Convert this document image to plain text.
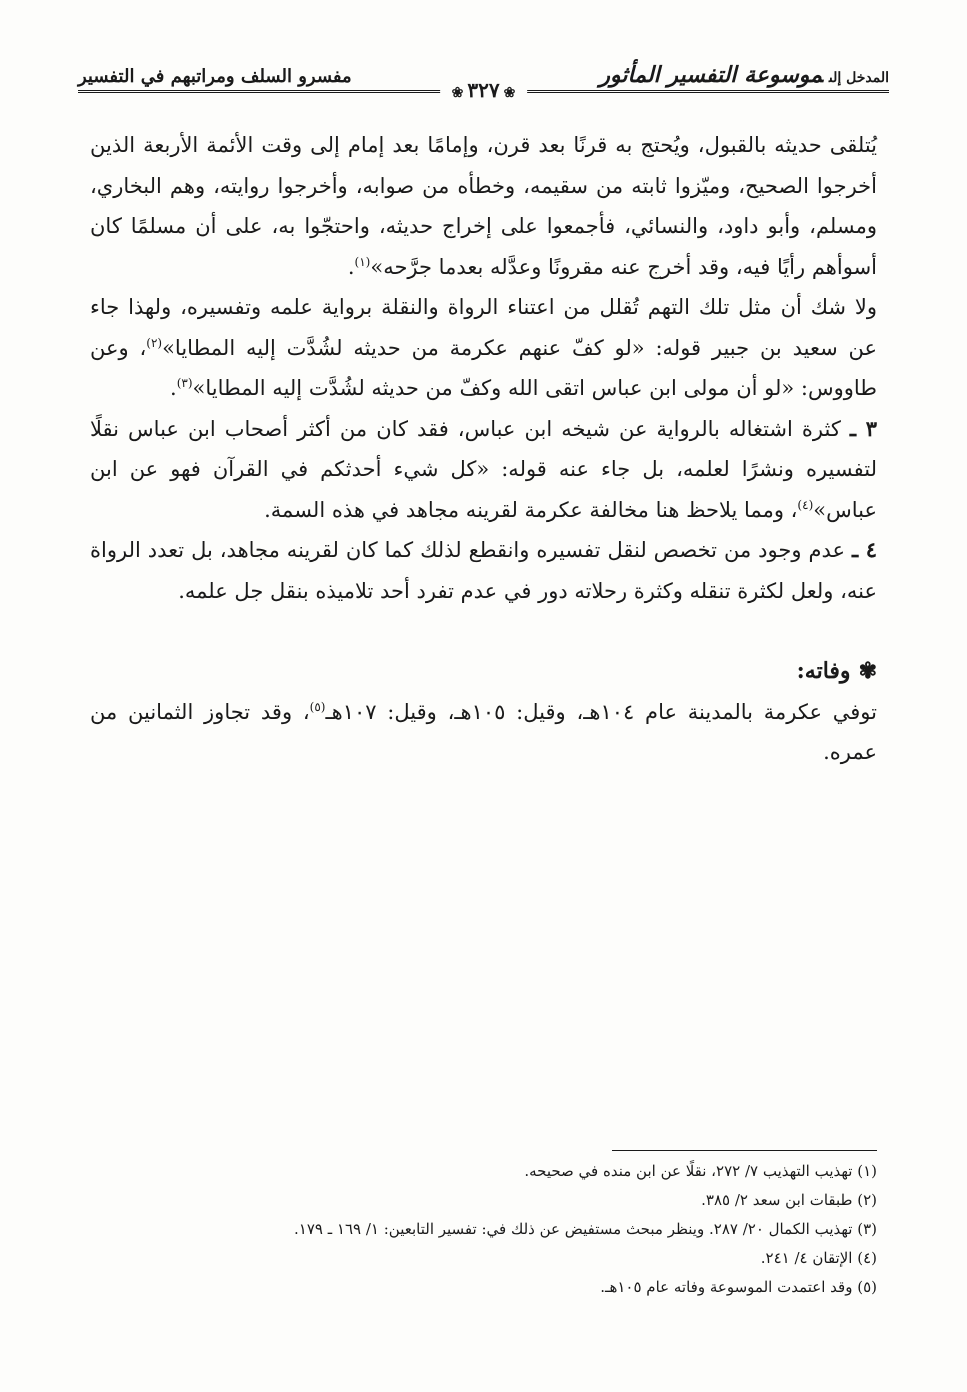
المدخل إلىموسوعة التفسير المأثور
❀٣٢٧❀
مفسرو السلف ومراتبهم في التفسير

يُتلقى حديثه بالقبول، ويُحتج به قرنًا بعد قرن، وإمامًا بعد إمام إلى وقت الأئمة الأربعة الذين أخرجوا الصحيح، وميّزوا ثابته من سقيمه، وخطأه من صوابه، وأخرجوا روايته، وهم البخاري، ومسلم، وأبو داود، والنسائي، فأجمعوا على إخراج حديثه، واحتجّوا به، على أن مسلمًا كان أسوأهم رأيًا فيه، وقد أخرج عنه مقرونًا وعدَّله بعدما جرَّحه»$^{(١)}$.

ولا شك أن مثل تلك التهم تُقلل من اعتناء الرواة والنقلة برواية علمه وتفسيره، ولهذا جاء عن سعيد بن جبير قوله: «لو كفّ عنهم عكرمة من حديثه لشُدَّت إليه المطايا»$^{(٢)}$، وعن طاووس: «لو أن مولى ابن عباس اتقى الله وكفّ من حديثه لشُدَّت إليه المطايا»$^{(٣)}$.

٣ ـ كثرة اشتغاله بالرواية عن شيخه ابن عباس، فقد كان من أكثر أصحاب ابن عباس نقلًا لتفسيره ونشرًا لعلمه، بل جاء عنه قوله: «كل شيء أحدثكم في القرآن فهو عن ابن عباس»$^{(٤)}$، ومما يلاحظ هنا مخالفة عكرمة لقرينه مجاهد في هذه السمة.

٤ ـ عدم وجود من تخصص لنقل تفسيره وانقطع لذلك كما كان لقرينه مجاهد، بل تعدد الرواة عنه، ولعل لكثرة تنقله وكثرة رحلاته دور في عدم تفرد أحد تلاميذه بنقل جل علمه.

✾وفاته:

توفي عكرمة بالمدينة عام ١٠٤هـ، وقيل: ١٠٥هـ، وقيل: ١٠٧هـ$^{(٥)}$، وقد تجاوز الثمانين من عمره.

(١) تهذيب التهذيب ٧/ ٢٧٢، نقلًا عن ابن منده في صحيحه.

(٢) طبقات ابن سعد ٢/ ٣٨٥.

(٣) تهذيب الكمال ٢٠/ ٢٨٧. وينظر مبحث مستفيض عن ذلك في: تفسير التابعين: ١/ ١٦٩ ـ ١٧٩.

(٤) الإتقان ٤/ ٢٤١.

(٥) وقد اعتمدت الموسوعة وفاته عام ١٠٥هـ.
